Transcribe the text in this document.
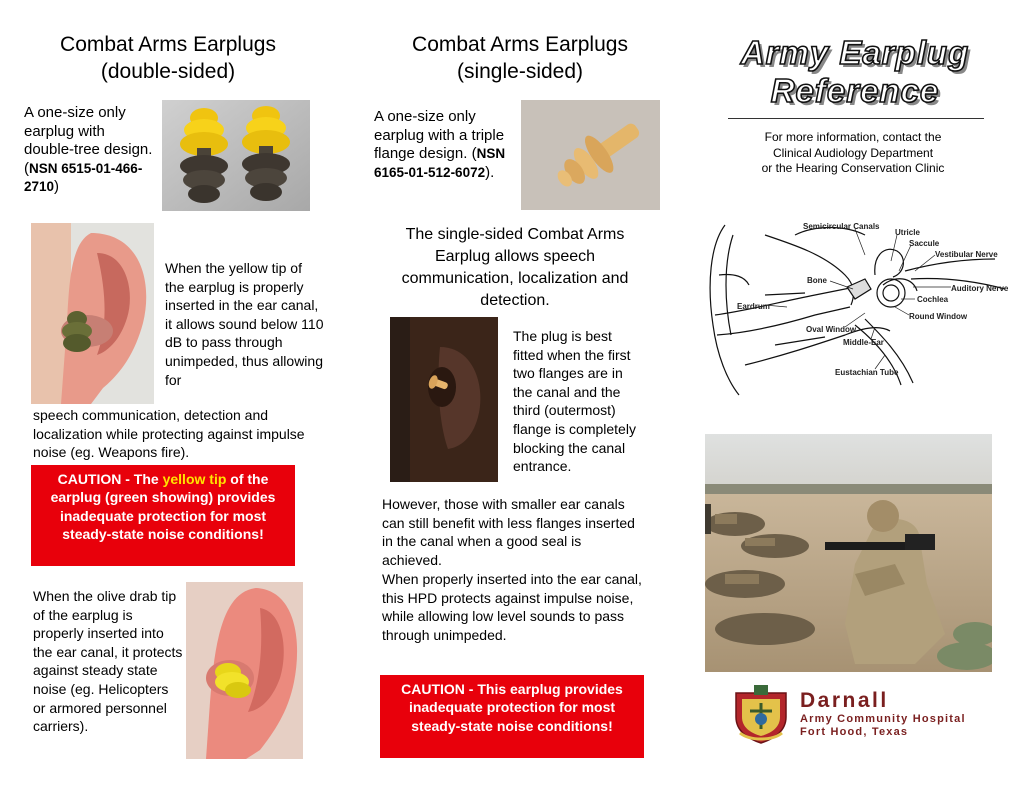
Combat Arms Earplugs
(double-sided)
A one-size only earplug with double-tree design. (NSN 6515-01-466-2710)
When the yellow tip of the earplug is properly inserted in the ear canal, it allows sound below 110 dB to pass through unimpeded, thus allowing for
speech communication, detection and localization while protecting against impulse noise (eg. Weapons fire).
CAUTION - The yellow tip of the earplug (green showing) provides inadequate protection for most steady-state noise conditions!
When the olive drab tip of the earplug is properly inserted into the ear canal, it protects against steady state noise (eg. Helicopters or armored personnel carriers).
Combat Arms Earplugs
(single-sided)
A one-size only earplug with a triple flange design. (NSN 6165-01-512-6072).
The single-sided Combat Arms Earplug allows speech communication, localization and detection.
The plug is best fitted when the first two flanges are in the canal and the third (outermost) flange is completely blocking the canal entrance.
However, those with smaller ear canals can still benefit with less flanges inserted in the canal when a good seal is achieved.
When properly inserted into the ear canal, this HPD protects against impulse noise, while allowing low level sounds to pass through unimpeded.
CAUTION - This earplug provides inadequate protection for most steady-state noise conditions!
Army Earplug
Reference
For more information, contact the
Clinical Audiology Department
or the Hearing Conservation Clinic
Semicircular Canals
Utricle
Saccule
Vestibular Nerve
Bone
Auditory Nerve
Eardrum
Cochlea
Round Window
Oval Window
Middle-Ear
Eustachian Tube
Darnall
Army Community Hospital
Fort Hood, Texas
